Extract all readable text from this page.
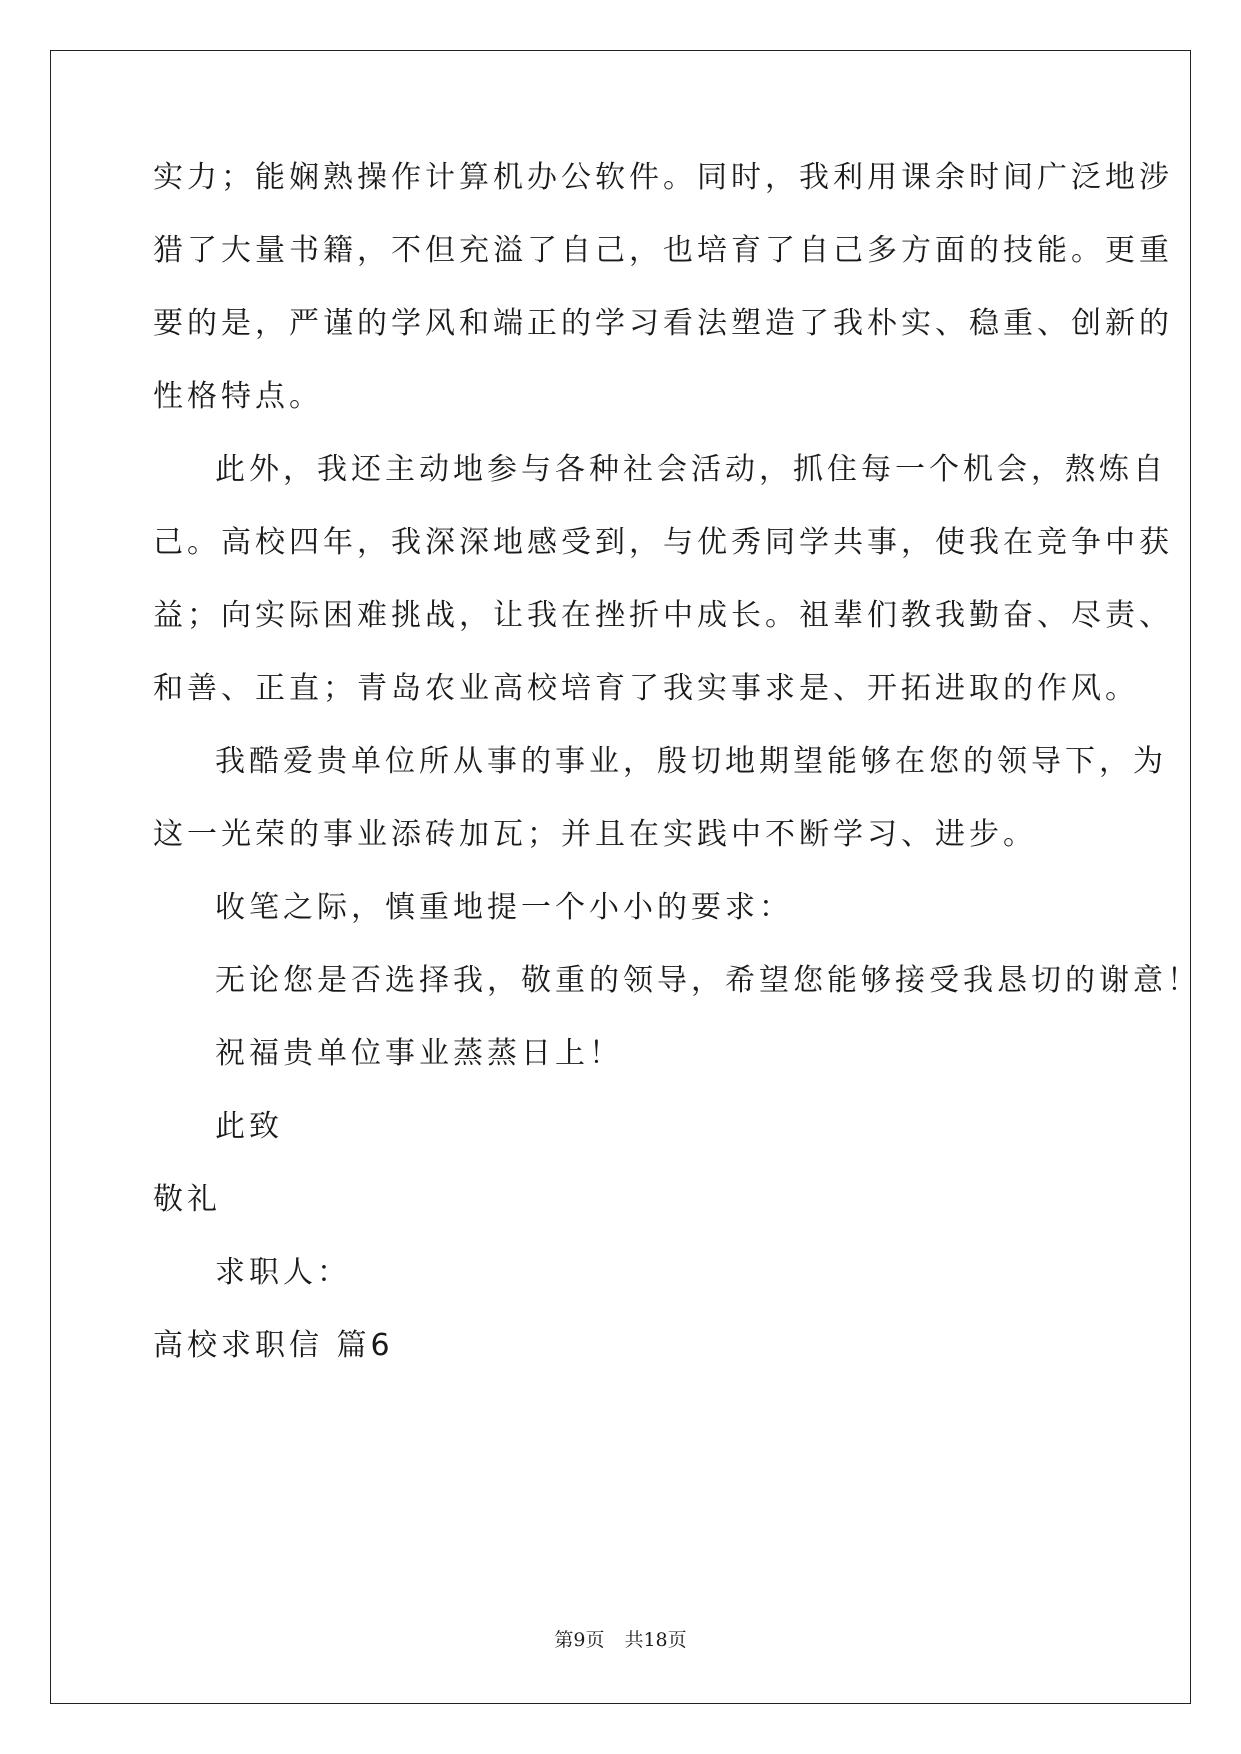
实力；能娴熟操作计算机办公软件。同时，我利用课余时间广泛地涉
猎了大量书籍，不但充溢了自己，也培育了自己多方面的技能。更重
要的是，严谨的学风和端正的学习看法塑造了我朴实、稳重、创新的
性格特点。
此外，我还主动地参与各种社会活动，抓住每一个机会，熬炼自
己。高校四年，我深深地感受到，与优秀同学共事，使我在竞争中获
益；向实际困难挑战，让我在挫折中成长。祖辈们教我勤奋、尽责、
和善、正直；青岛农业高校培育了我实事求是、开拓进取的作风。
我酷爱贵单位所从事的事业，殷切地期望能够在您的领导下，为
这一光荣的事业添砖加瓦；并且在实践中不断学习、进步。
收笔之际，慎重地提一个小小的要求：
无论您是否选择我，敬重的领导，希望您能够接受我恳切的谢意！
祝福贵单位事业蒸蒸日上！
此致
敬礼
求职人：
高校求职信 篇6
第9页 共18页
